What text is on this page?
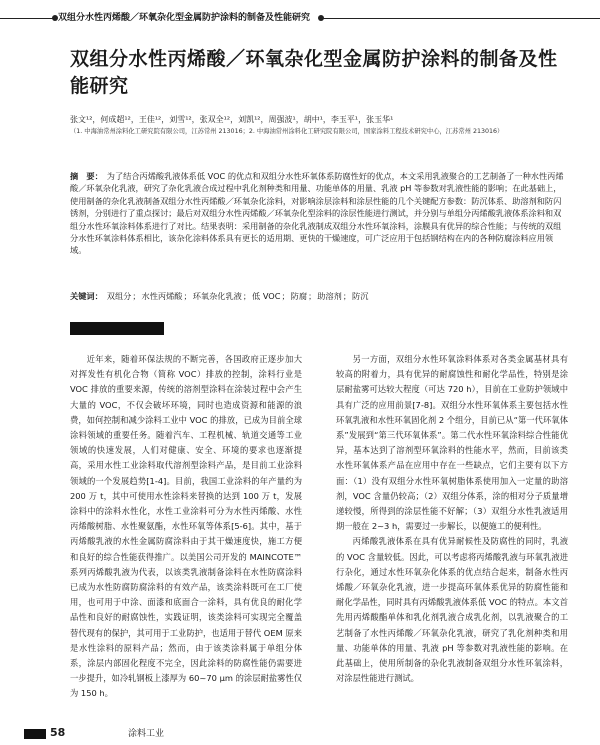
双组分水性丙烯酸／环氧杂化型金属防护涂料的制备及性能研究
双组分水性丙烯酸／环氧杂化型金属防护涂料的制备及性能研究
张文¹²，何成超¹²，王佳¹²，刘雪¹²，张双全¹²，刘凯¹²，周强波¹，胡中¹，李玉平¹，张玉华¹
（1. 中海油常州涂料化工研究院有限公司，江苏常州 213016；2. 中海油常州涂料化工研究院有限公司，国家涂料工程技术研究中心，江苏常州 213016）
摘　要： 为了结合丙烯酸乳液体系低 VOC 的优点和双组分水性环氧体系防腐性好的优点，本文采用乳液聚合的工艺制备了一种水性丙烯酸／环氧杂化乳液，研究了杂化乳液合成过程中乳化剂种类和用量、功能单体的用量、乳液 pH 等参数对乳液性能的影响；在此基础上，使用制备的杂化乳液制备双组分水性丙烯酸／环氧杂化涂料，对影响涂层涂料和涂层性能的几个关键配方参数：防沉体系、助溶剂和防闪锈剂，分别进行了重点探讨；最后对双组分水性丙烯酸／环氧杂化型涂料的涂层性能进行测试，并分别与单组分丙烯酸乳液体系涂料和双组分水性环氧涂料体系进行了对比。结果表明：采用制备的杂化乳液制成双组分水性环氧涂料，涂膜具有优异的综合性能；与传统的双组分水性环氧涂料体系相比，该杂化涂料体系具有更长的适用期、更快的干燥速度，可广泛应用于包括钢结构在内的各种防腐涂料应用领域。
关键词： 双组分；水性丙烯酸；环氧杂化乳液；低 VOC；防腐；助溶剂；防沉

近年来，随着环保法规的不断完善，各国政府正逐步加大对挥发性有机化合物（简称 VOC）排放的控制，涂料行业是 VOC 排放的重要来源，传统的溶剂型涂料在涂装过程中会产生大量的 VOC，不仅会破坏环境，同时也造成资源和能源的浪费，如何控制和减少涂料工业中 VOC 的排放，已成为目前全球涂料领域的重要任务。随着汽车、工程机械、轨道交通等工业领域的快速发展，人们对健康、安全、环境的要求也逐渐提高，采用水性工业涂料取代溶剂型涂料产品，是目前工业涂料领域的一个发展趋势[1-4]。目前，我国工业涂料的年产量约为 200 万 t，其中可使用水性涂料来替换的达到 100 万 t，发展涂料中的涂料水性化，水性工业涂料可分为水性丙烯酸、水性丙烯酸树脂、水性聚氨酯，水性环氧等体系[5-6]。其中，基于丙烯酸乳液的水性金属防腐涂料由于其干燥速度快，施工方便和良好的综合性能获得推广。以美国公司开发的 MAINCOTE™ 系列丙烯酸乳液为代表，以该类乳液制备涂料在水性防腐涂料已成为水性防腐防腐涂料的有效产品，该类涂料既可在工厂使用，也可用于中涂、面漆和底面合一涂料，具有优良的耐化学品性和良好的耐腐蚀性，实践证明，该类涂料可实现完全覆盖替代现有的保护，其可用于工业防护，也适用于替代 OEM 原来是水性涂料的原料产品；然而，由于该类涂料属于单组分体系，涂层内部固化程度不完全，因此涂料的防腐性能仍需要进一步提升，如冷轧钢板上漆厚为 60~70 μm 的涂层耐盐雾性仅为 150 h。

另一方面，双组分水性环氧涂料体系对各类金属基材具有较高的附着力，具有优异的耐腐蚀性和耐化学品性，特别是涂层耐盐雾可达较大程度（可达 720 h），目前在工业防护领域中具有广泛的应用前景[7-8]。双组分水性环氧体系主要包括水性环氧乳液和水性环氧固化剂 2 个组分，目前已从“第一代环氧体系”发展到“第三代环氧体系”。第二代水性环氧涂料综合性能优异，基本达到了溶剂型环氧涂料的性能水平，然而，目前该类水性环氧体系产品在应用中存在一些缺点，它们主要有以下方面：（1）没有双组分水性环氧树脂体系使用加入一定量的助溶剂，VOC 含量仍较高；（2）双组分体系，涂的相对分子质量增递较慢，所得到的涂层性能不好解；（3）双组分水性乳液适用期一般在 2~3 h，需要过一步解长，以便施工的便利性。

丙烯酸乳液体系在具有优异耐候性及防腐性的同时，乳液的 VOC 含量较低。因此，可以考虑将丙烯酸乳液与环氧乳液进行杂化，通过水性环氧杂化体系的优点结合起来，制备水性丙烯酸／环氧杂化乳液，进一步提高环氧体系优异的防腐性能和耐化学品性，同时具有丙烯酸乳液体系低 VOC 的特点。本文首先用丙烯酸酯单体和乳化剂乳液合成乳化剂，以乳液聚合的工艺制备了水性丙烯酸／环氧杂化乳液，研究了乳化剂种类和用量、功能单体的用量、乳液 pH 等参数对乳液性能的影响。在此基础上，使用所制备的杂化乳液制备双组分水性环氧涂料，对涂层性能进行测试。

58	涂料工业
